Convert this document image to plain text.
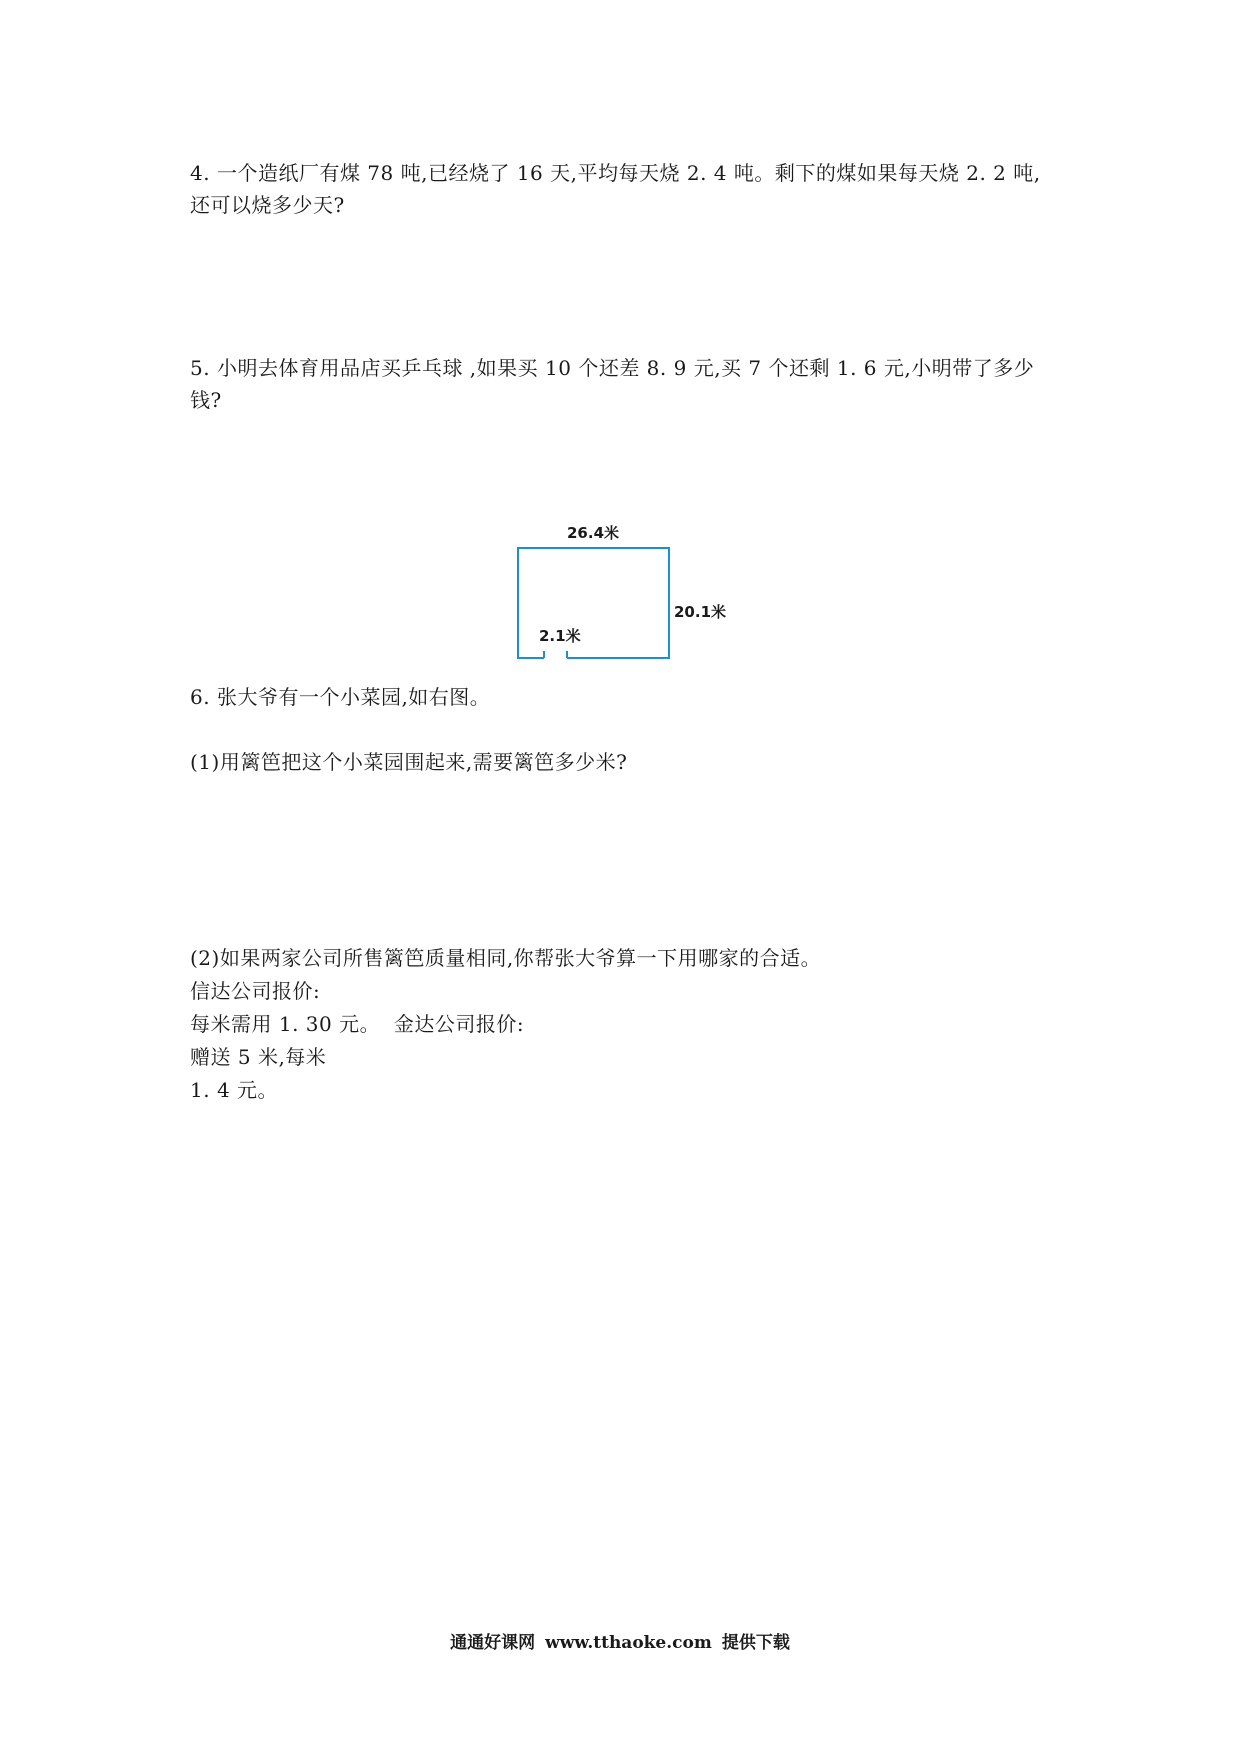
4. 一个造纸厂有煤 78 吨,已经烧了 16 天,平均每天烧 2. 4 吨。剩下的煤如果每天烧 2. 2 吨,
还可以烧多少天?
5. 小明去体育用品店买乒乓球 ,如果买 10 个还差 8. 9 元,买 7 个还剩 1. 6 元,小明带了多少
钱?
26.4米
20.1米
2.1米
6. 张大爷有一个小菜园,如右图。
(1)用篱笆把这个小菜园围起来,需要篱笆多少米?
(2)如果两家公司所售篱笆质量相同,你帮张大爷算一下用哪家的合适。
信达公司报价:
每米需用 1. 30 元。  金达公司报价:
赠送 5 米,每米
1. 4 元。
通通好课网 www.tthaoke.com 提供下载
